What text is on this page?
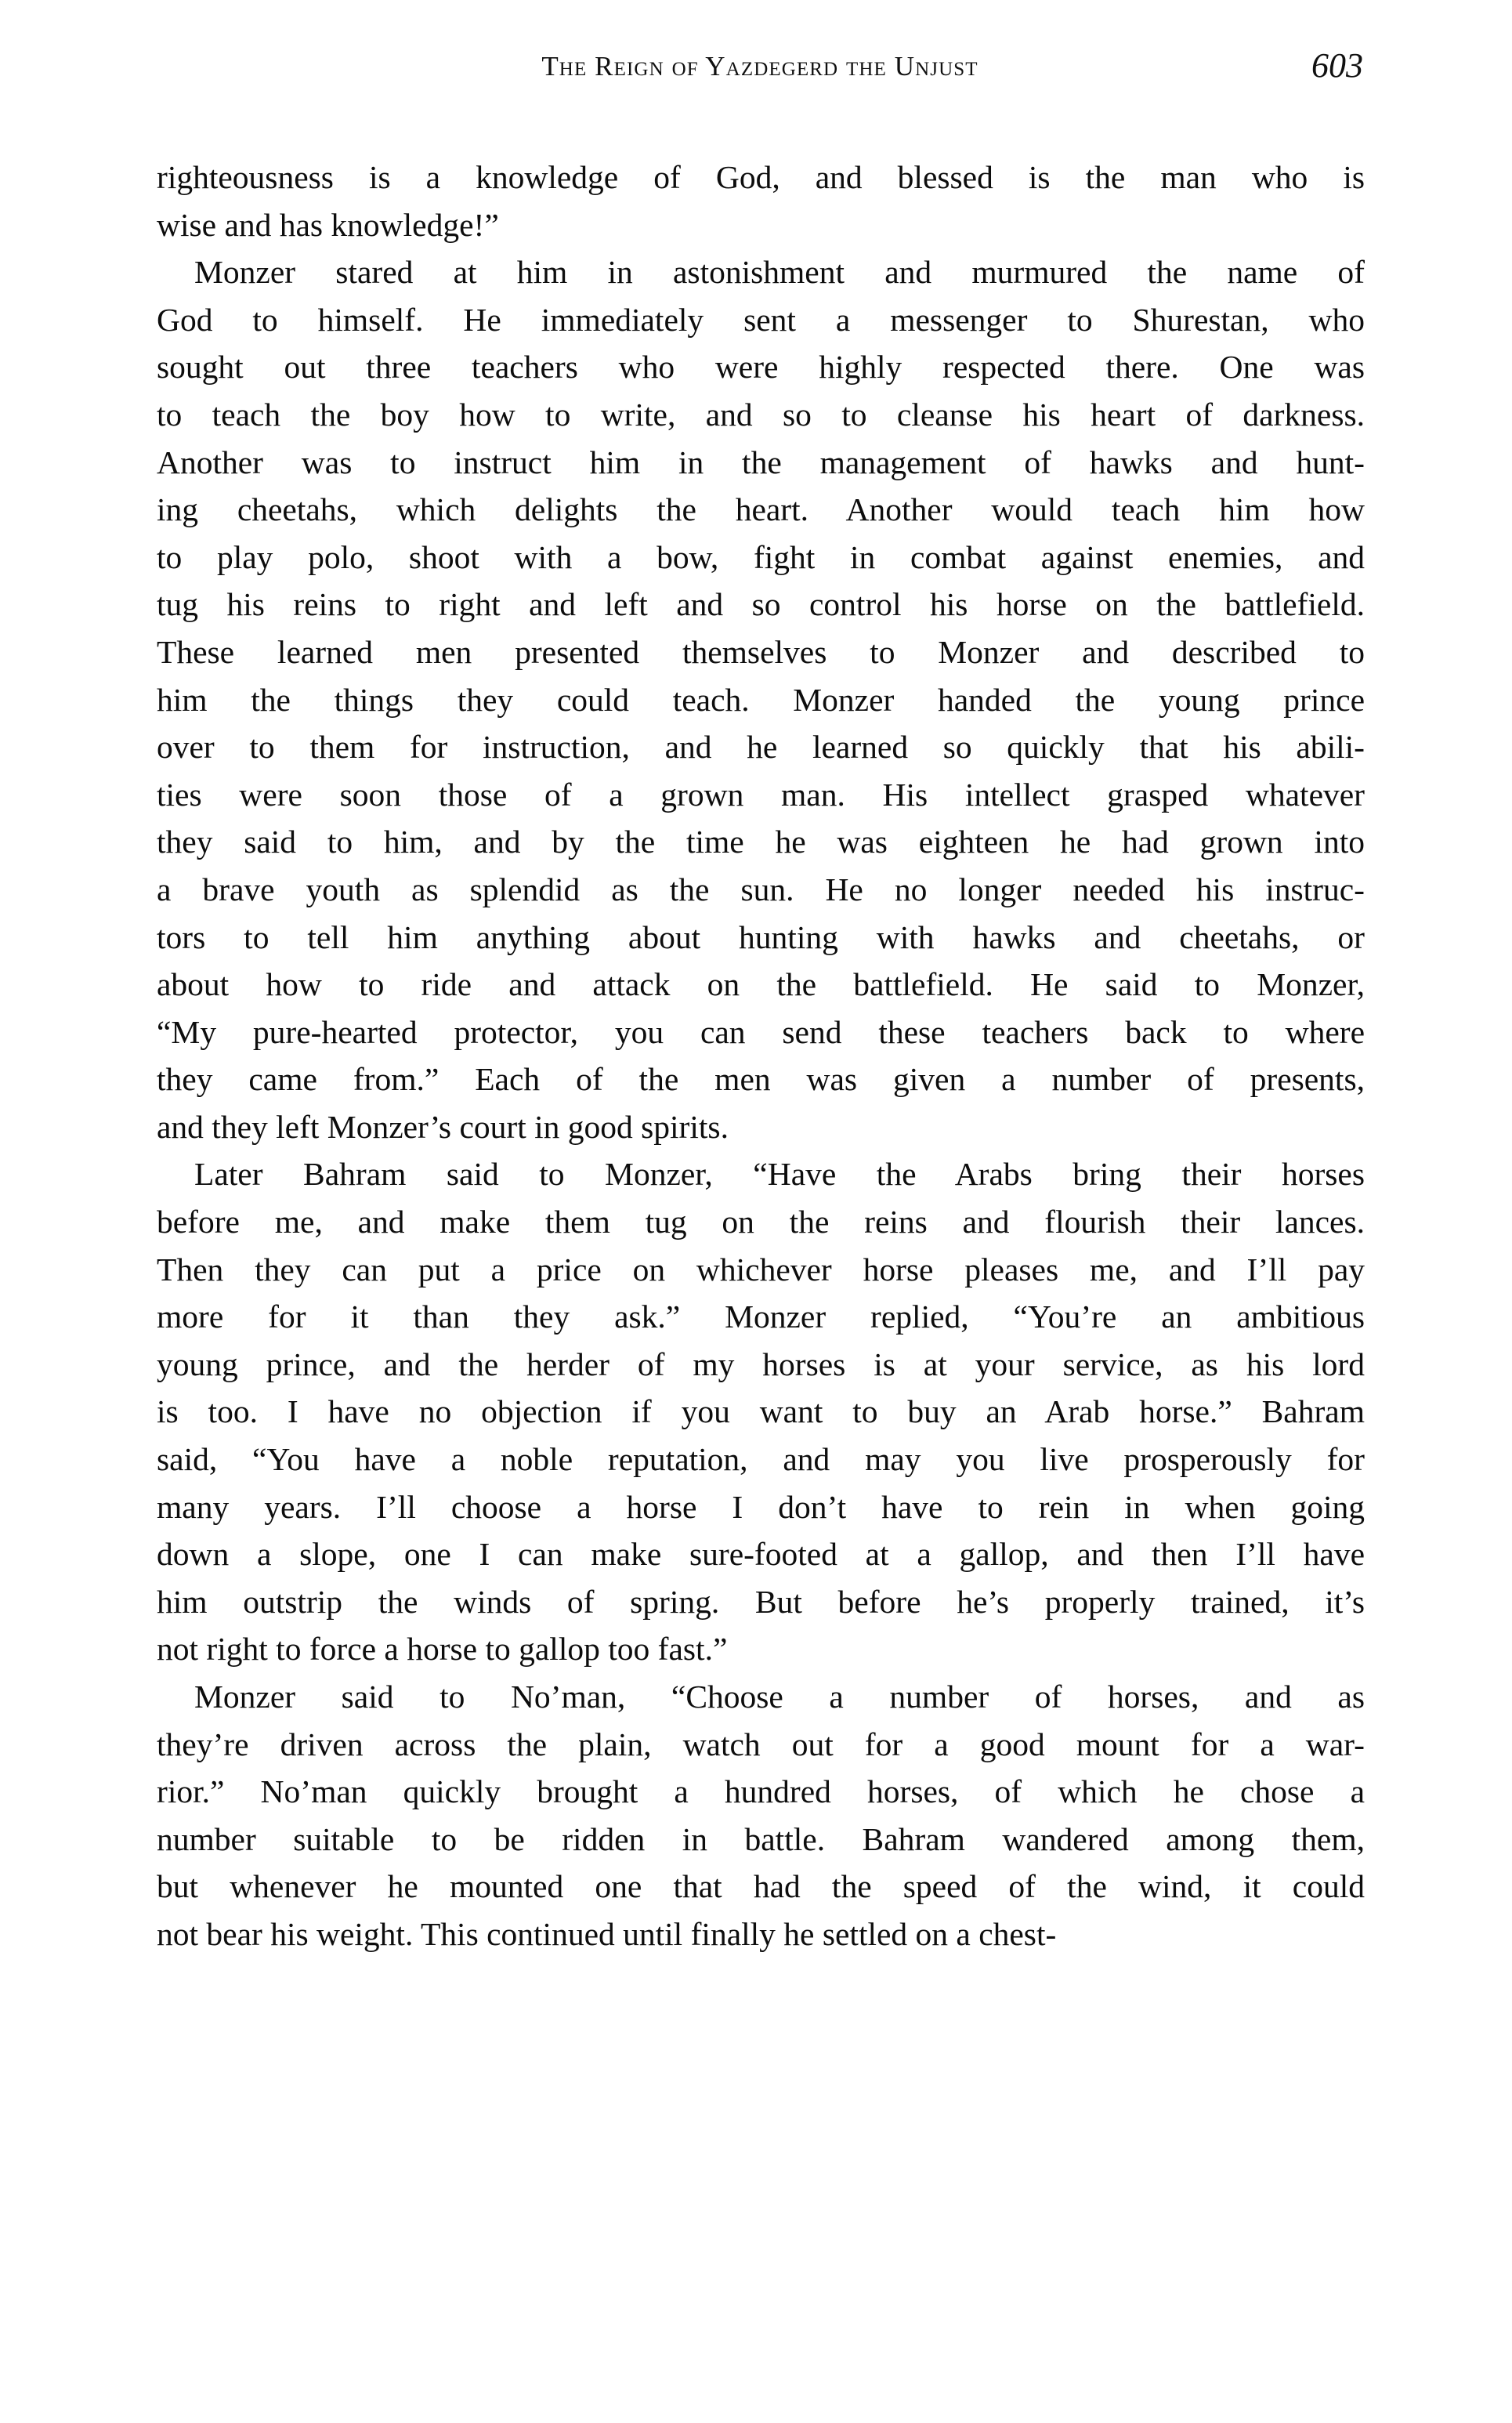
The Reign of Yazdegerd the Unjust	603

righteousness is a knowledge of God, and blessed is the man who is
wise and has knowledge!”

Monzer stared at him in astonishment and murmured the name of
God to himself. He immediately sent a messenger to Shurestan, who
sought out three teachers who were highly respected there. One was
to teach the boy how to write, and so to cleanse his heart of darkness.
Another was to instruct him in the management of hawks and hunt-
ing cheetahs, which delights the heart. Another would teach him how
to play polo, shoot with a bow, fight in combat against enemies, and
tug his reins to right and left and so control his horse on the battlefield.
These learned men presented themselves to Monzer and described to
him the things they could teach. Monzer handed the young prince
over to them for instruction, and he learned so quickly that his abili-
ties were soon those of a grown man. His intellect grasped whatever
they said to him, and by the time he was eighteen he had grown into
a brave youth as splendid as the sun. He no longer needed his instruc-
tors to tell him anything about hunting with hawks and cheetahs, or
about how to ride and attack on the battlefield. He said to Monzer,
“My pure-hearted protector, you can send these teachers back to where
they came from.” Each of the men was given a number of presents,
and they left Monzer’s court in good spirits.

Later Bahram said to Monzer, “Have the Arabs bring their horses
before me, and make them tug on the reins and flourish their lances.
Then they can put a price on whichever horse pleases me, and I’ll pay
more for it than they ask.” Monzer replied, “You’re an ambitious
young prince, and the herder of my horses is at your service, as his lord
is too. I have no objection if you want to buy an Arab horse.” Bahram
said, “You have a noble reputation, and may you live prosperously for
many years. I’ll choose a horse I don’t have to rein in when going
down a slope, one I can make sure-footed at a gallop, and then I’ll have
him outstrip the winds of spring. But before he’s properly trained, it’s
not right to force a horse to gallop too fast.”

Monzer said to No’man, “Choose a number of horses, and as
they’re driven across the plain, watch out for a good mount for a war-
rior.” No’man quickly brought a hundred horses, of which he chose a
number suitable to be ridden in battle. Bahram wandered among them,
but whenever he mounted one that had the speed of the wind, it could
not bear his weight. This continued until finally he settled on a chest-
